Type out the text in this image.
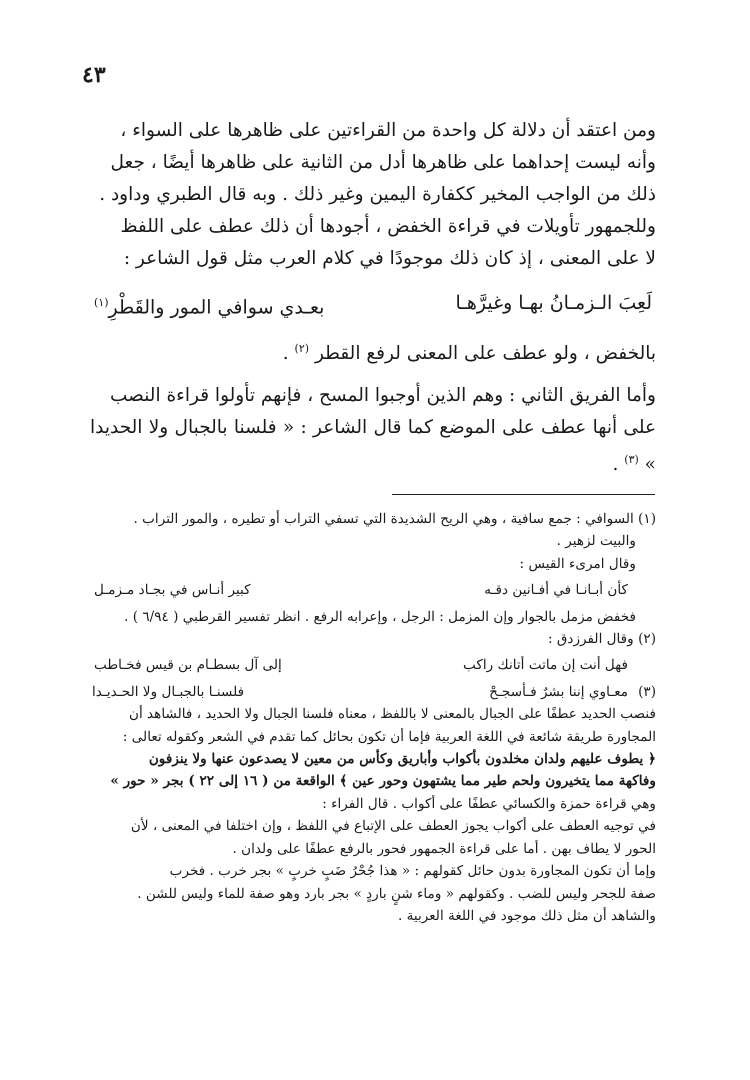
٤٣

ومن اعتقد أن دلالة كل واحدة من القراءتين على ظاهرها على السواء ،

وأنه ليست إحداهما على ظاهرها أدل من الثانية على ظاهرها أيضًا ، جعل

ذلك من الواجب المخير ككفارة اليمين وغير ذلك . وبه قال الطبري وداود .

وللجمهور تأويلات في قراءة الخفض ، أجودها أن ذلك عطف على اللفظ

لا على المعنى ، إذ كان ذلك موجودًا في كلام العرب مثل قول الشاعر :

لَعِبَ الـزمـانُ بهـا وغيرَّهـا
بعـدي سوافي المور والقَطْرِ$^{(١)}$

بالخفض ، ولو عطف على المعنى لرفع القطر $^{(٢)}$ .

وأما الفريق الثاني : وهم الذين أوجبوا المسح ، فإنهم تأولوا قراءة النصب

على أنها عطف على الموضع كما قال الشاعر : « فلسنا بالجبال ولا الحديدا » $^{(٣)}$ .

(١) السوافي : جمع سافية ، وهي الريح الشديدة التي تسفي التراب أو تطيره ، والمور التراب .

والبيت لزهير .

وقال امرىء القيس :

كأن أبـانـا في أفـانين دقـه
كبير أنـاس في بجـاد مـزمـل

فخفض مزمل بالجوار وإن المزمل : الرجل ، وإعرابه الرفع . انظر تفسير القرطبي ( ٦/٩٤ ) .

(٢) وقال الفرزدق :

فهل أنت إن ماتت أتانك راكب
إلى آل بسطـام بن قيس فخـاطب
(٣)
معـاوي إننا بشرٌ فـأسجـحْ
فلسنـا بالجبـال ولا الحـديـدا

فنصب الحديد عطفًا على الجبال بالمعنى لا باللفظ ، معناه فلسنا الجبال ولا الحديد ، فالشاهد أن

المجاورة طريقة شائعة في اللغة العربية فإما أن تكون بحائل كما تقدم في الشعر وكقوله تعالى :

﴿ يطوف عليهم ولدان مخلدون بأكواب وأباريق وكأس من معين لا يصدعون عنها ولا ينزفون

وفاكهة مما يتخيرون ولحم طير مما يشتهون وحور عين ﴾ الواقعة من ( ١٦ إلى ٢٢ ) بجر « حور »

وهي قراءة حمزة والكسائي عطفًا على أكواب . قال الفراء :

في توجيه العطف على أكواب يجوز العطف على الإتباع في اللفظ ، وإن اختلفا في المعنى ، لأن

الحور لا يطاف بهن . أما على قراءة الجمهور فحور بالرفع عطفًا على ولدان .

وإما أن تكون المجاورة بدون حائل كقولهم : « هذا جُحْرُ ضَبٍ خربٍ » بجر خرب . فخرب

صفة للجحر وليس للضب . وكقولهم « وماء شنٍ باردٍ » بجر بارد وهو صفة للماء وليس للشن .

والشاهد أن مثل ذلك موجود في اللغة العربية .
